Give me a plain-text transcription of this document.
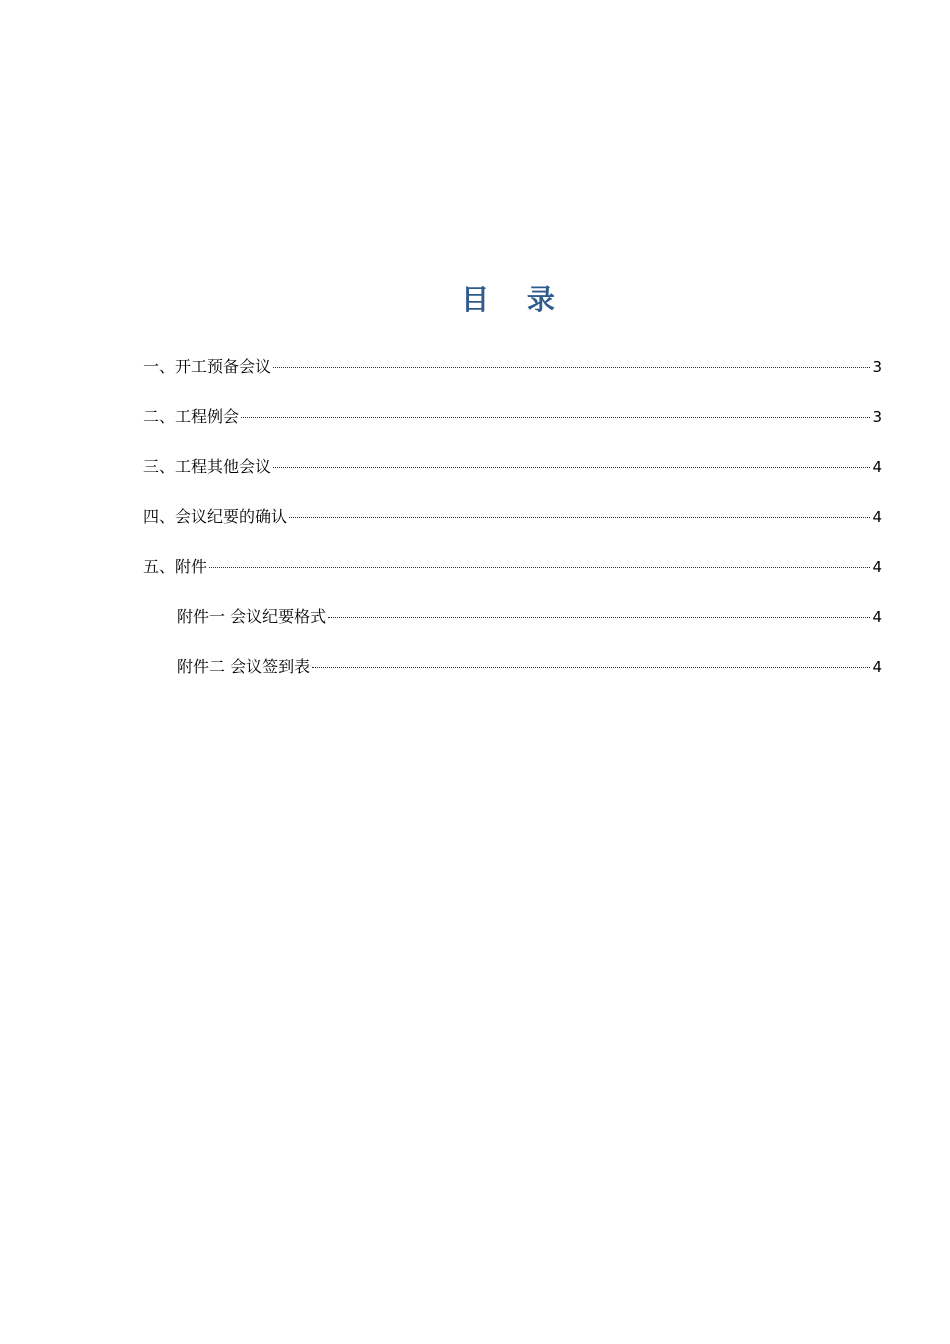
目 录
一、开工预备会议	3
二、工程例会	3
三、工程其他会议	4
四、会议纪要的确认	4
五、附件	4
附件一 会议纪要格式	4
附件二 会议签到表	4
